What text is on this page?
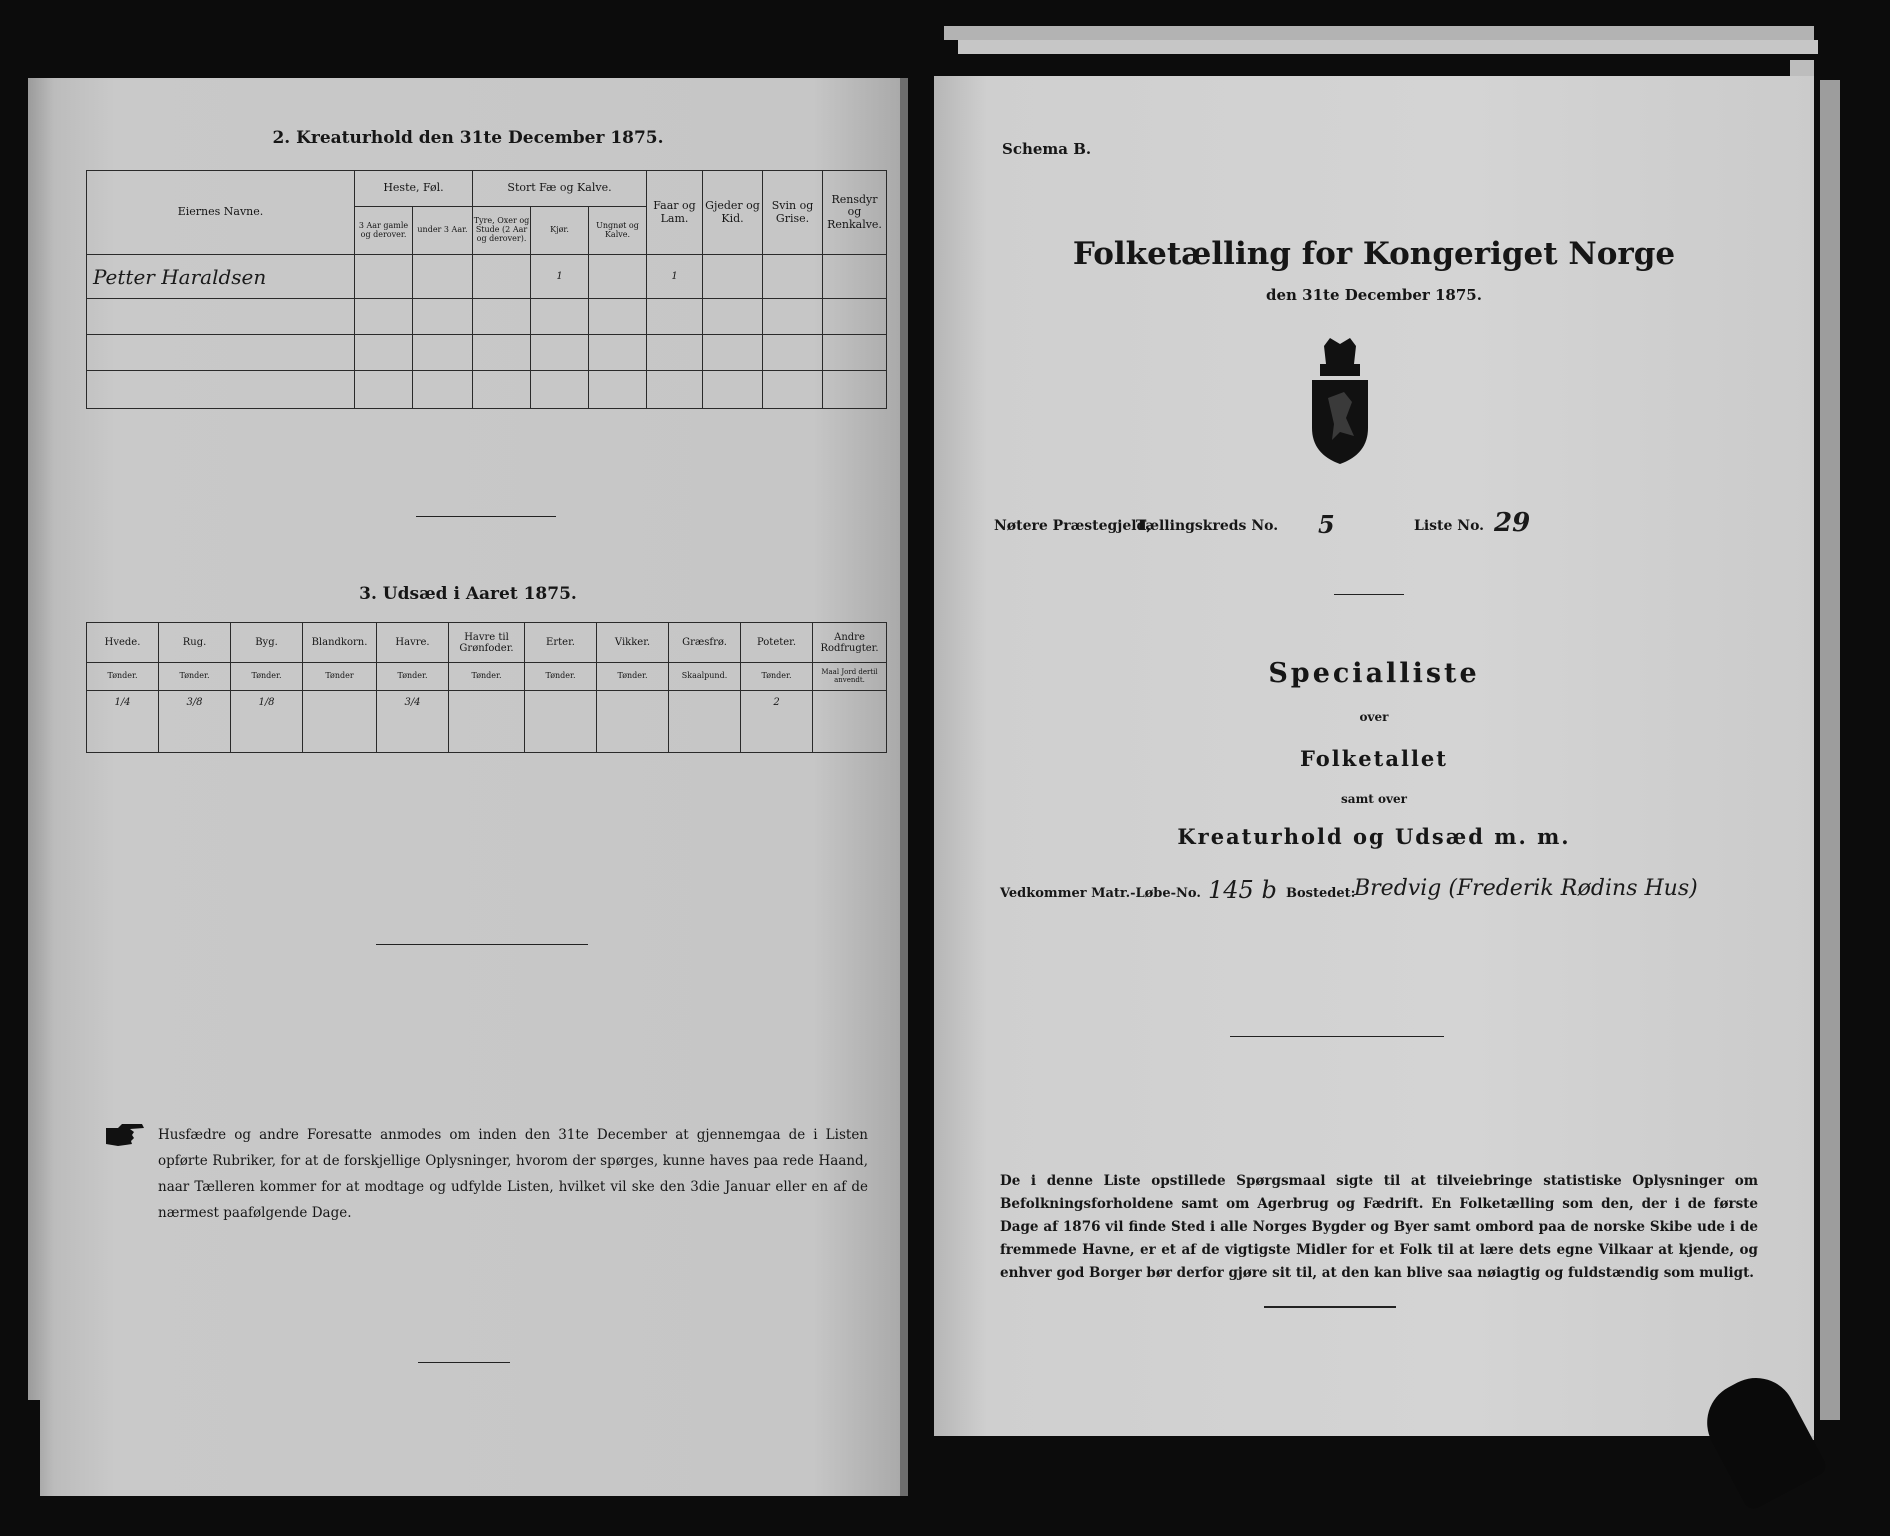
2. Kreaturhold den 31te December 1875.
Eiernes Navne.	Heste, Føl.		Stort Fæ og Kalve.			Faar og Lam.	Gjeder og Kid.	Svin og Grise.	Rensdyr og Renkalve.
	3 Aar gamle og derover.	under 3 Aar.	Tyre, Oxer og Stude (2 Aar og derover).	Kjør.	Ungnøt og Kalve.				
Petter Haraldsen				1		1			

3. Udsæd i Aaret 1875.
Hvede.	Rug.	Byg.	Blandkorn.	Havre.	Havre til Grønfoder.	Erter.	Vikker.	Græsfrø.	Poteter.	Andre Rodfrugter.
Tønder.	Tønder.	Tønder.	Tønder	Tønder.	Tønder.	Tønder.	Tønder.	Skaalpund.	Tønder.	Maal Jord dertil anvendt.
1/4	3/8	1/8		3/4					2	
Husfædre og andre Foresatte anmodes om inden den 31te December at gjennemgaa de i Listen opførte Rubriker, for at de forskjellige Oplysninger, hvorom der spørges, kunne haves paa rede Haand, naar Tælleren kommer for at modtage og udfylde Listen, hvilket vil ske den 3die Januar eller en af de nærmest paafølgende Dage.
Schema B.
Folketælling for Kongeriget Norge
den 31te December 1875.
Nøtere Præstegjeld,
Tællingskreds No. 5	Liste No. 29
Specialliste
over
Folketallet
samt over
Kreaturhold og Udsæd m. m.
Vedkommer Matr.-Løbe-No. 145 b Bostedet:
Bredvig (Frederik Rødins Hus)
De i denne Liste opstillede Spørgsmaal sigte til at tilveiebringe statistiske Oplysninger om Befolkningsforholdene samt om Agerbrug og Fædrift. En Folketælling som den, der i de første Dage af 1876 vil finde Sted i alle Norges Bygder og Byer samt ombord paa de norske Skibe ude i de fremmede Havne, er et af de vigtigste Midler for et Folk til at lære dets egne Vilkaar at kjende, og enhver god Borger bør derfor gjøre sit til, at den kan blive saa nøiagtig og fuldstændig som muligt.
